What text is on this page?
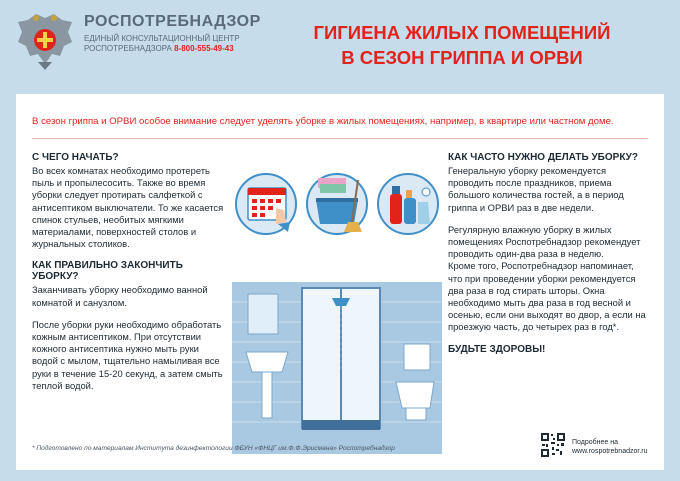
РОСПОТРЕБНАДЗОР
ЕДИНЫЙ КОНСУЛЬТАЦИОННЫЙ ЦЕНТР
РОСПОТРЕБНАДЗОРА 8-800-555-49-43
ГИГИЕНА ЖИЛЫХ ПОМЕЩЕНИЙ
В СЕЗОН ГРИППА И ОРВИ
В сезон гриппа и ОРВИ особое внимание следует уделять уборке в жилых помещениях, например, в квартире или частном доме.
С ЧЕГО НАЧАТЬ?

Во всех комнатах необходимо протереть пыль и пропылесосить. Также во время уборки следует протирать салфеткой с антисептиком выключатели. То же касается спинок стульев, необитых мягкими материалами, поверхностей столов и журнальных столиков.

КАК ПРАВИЛЬНО ЗАКОНЧИТЬ УБОРКУ?

Заканчивать уборку необходимо ванной комнатой и санузлом.

После уборки руки необходимо обработать кожным антисептиком. При отсутствии кожного антисептика нужно мыть руки водой с мылом, тщательно намыливая все руки в течение 15-20 секунд, а затем смыть теплой водой.

КАК ЧАСТО НУЖНО ДЕЛАТЬ УБОРКУ?

Генеральную уборку рекомендуется проводить после праздников, приема большого количества гостей, а в период гриппа и ОРВИ раз в две недели.

Регулярную влажную уборку в жилых помещениях Роспотребнадзор рекомендует проводить один-два раза в неделю.

Кроме того, Роспотребнадзор напоминает, что при проведении уборки рекомендуется два раза в год стирать шторы. Окна необходимо мыть два раза в год весной и осенью, если они выходят во двор, а если на проезжую часть, до четырех раз в год*.

БУДЬТЕ ЗДОРОВЫ!
* Подготовлено по материалам Института дезинфектологии ФБУН «ФНЦГ им.Ф.Ф.Эрисмана» Роспотребнадзор
Подробнее на
www.rospotrebnadzor.ru
